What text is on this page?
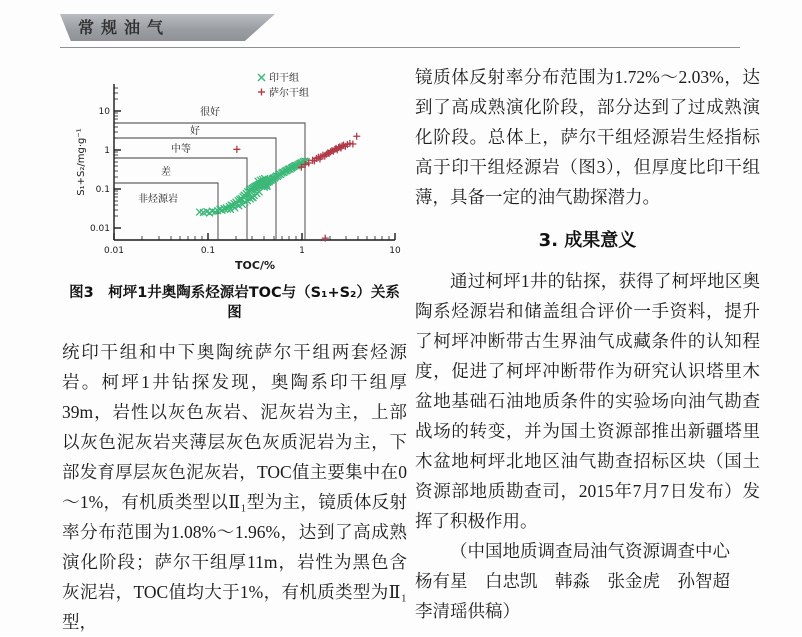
常规油气
0.01
0.1
1
10
0.01	0.1	1	10
TOC/%
S₁+S₂/mg·g⁻¹
很好
好
中等
差
非烃源岩
印干组
萨尔干组
图3　柯坪1井奥陶系烃源岩TOC与（S₁+S₂）关系图

统印干组和中下奥陶统萨尔干组两套烃源岩。柯坪1井钻探发现，奥陶系印干组厚39m，岩性以灰色灰岩、泥灰岩为主，上部以灰色泥灰岩夹薄层灰色灰质泥岩为主，下部发育厚层灰色泥灰岩，TOC值主要集中在0～1%，有机质类型以Ⅱ₁型为主，镜质体反射率分布范围为1.08%～1.96%，达到了高成熟演化阶段；萨尔干组厚11m，岩性为黑色含灰泥岩，TOC值均大于1%，有机质类型为Ⅱ₁型，

镜质体反射率分布范围为1.72%～2.03%，达到了高成熟演化阶段，部分达到了过成熟演化阶段。总体上，萨尔干组烃源岩生烃指标高于印干组烃源岩（图3），但厚度比印干组薄，具备一定的油气勘探潜力。

3. 成果意义

通过柯坪1井的钻探，获得了柯坪地区奥陶系烃源岩和储盖组合评价一手资料，提升了柯坪冲断带古生界油气成藏条件的认知程度，促进了柯坪冲断带作为研究认识塔里木盆地基础石油地质条件的实验场向油气勘查战场的转变，并为国土资源部推出新疆塔里木盆地柯坪北地区油气勘查招标区块（国土资源部地质勘查司，2015年7月7日发布）发挥了积极作用。

（中国地质调查局油气资源调查中心

杨有星　白忠凯　韩淼　张金虎　孙智超

李清瑶供稿）
